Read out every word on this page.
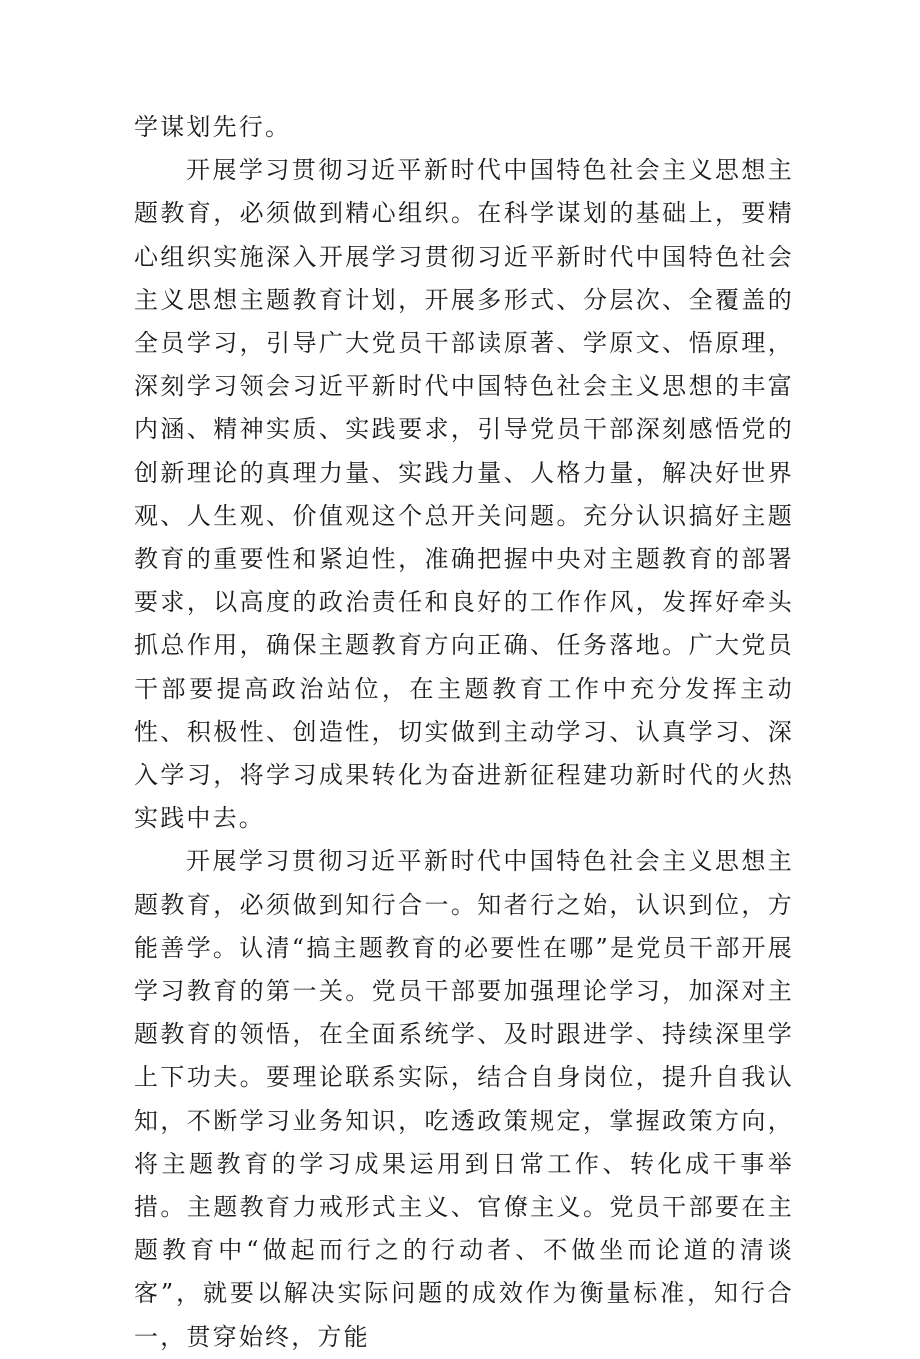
学谋划先行。

开展学习贯彻习近平新时代中国特色社会主义思想主题教育，必须做到精心组织。在科学谋划的基础上，要精心组织实施深入开展学习贯彻习近平新时代中国特色社会主义思想主题教育计划，开展多形式、分层次、全覆盖的全员学习，引导广大党员干部读原著、学原文、悟原理，深刻学习领会习近平新时代中国特色社会主义思想的丰富内涵、精神实质、实践要求，引导党员干部深刻感悟党的创新理论的真理力量、实践力量、人格力量，解决好世界观、人生观、价值观这个总开关问题。充分认识搞好主题教育的重要性和紧迫性，准确把握中央对主题教育的部署要求，以高度的政治责任和良好的工作作风，发挥好牵头抓总作用，确保主题教育方向正确、任务落地。广大党员干部要提高政治站位，在主题教育工作中充分发挥主动性、积极性、创造性，切实做到主动学习、认真学习、深入学习，将学习成果转化为奋进新征程建功新时代的火热实践中去。

开展学习贯彻习近平新时代中国特色社会主义思想主题教育，必须做到知行合一。知者行之始，认识到位，方能善学。认清“搞主题教育的必要性在哪”是党员干部开展学习教育的第一关。党员干部要加强理论学习，加深对主题教育的领悟，在全面系统学、及时跟进学、持续深里学上下功夫。要理论联系实际，结合自身岗位，提升自我认知，不断学习业务知识，吃透政策规定，掌握政策方向，将主题教育的学习成果运用到日常工作、转化成干事举措。主题教育力戒形式主义、官僚主义。党员干部要在主题教育中“做起而行之的行动者、不做坐而论道的清谈客”，就要以解决实际问题的成效作为衡量标准，知行合一，贯穿始终，方能
